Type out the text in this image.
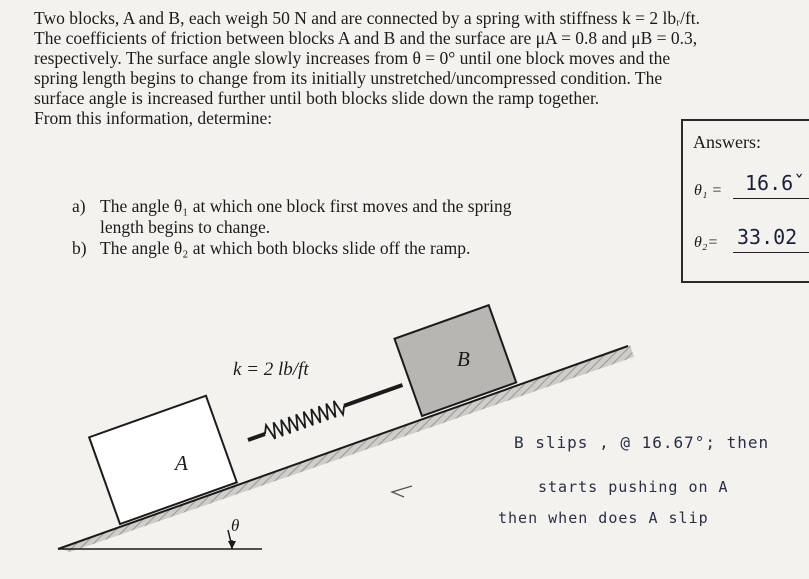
Two blocks, A and B, each weigh 50 N and are connected by a spring with stiffness k = 2 lbᵣ/ft.
The coefficients of friction between blocks A and B and the surface are μA = 0.8 and μB = 0.3,
respectively. The surface angle slowly increases from θ = 0° until one block moves and the
spring length begins to change from its initially unstretched/uncompressed condition. The
surface angle is increased further until both blocks slide down the ramp together.
From this information, determine:
Answers:
θ₁ = 16.6ˇ
θ₂= 33.02
a) The angle θ₁ at which one block first moves and the spring
length begins to change.
b) The angle θ₂ at which both blocks slide off the ramp.
k = 2 lb/ft
A
B
θ
B slips , @ 16.67°; then
starts pushing on A
then when does A slip
